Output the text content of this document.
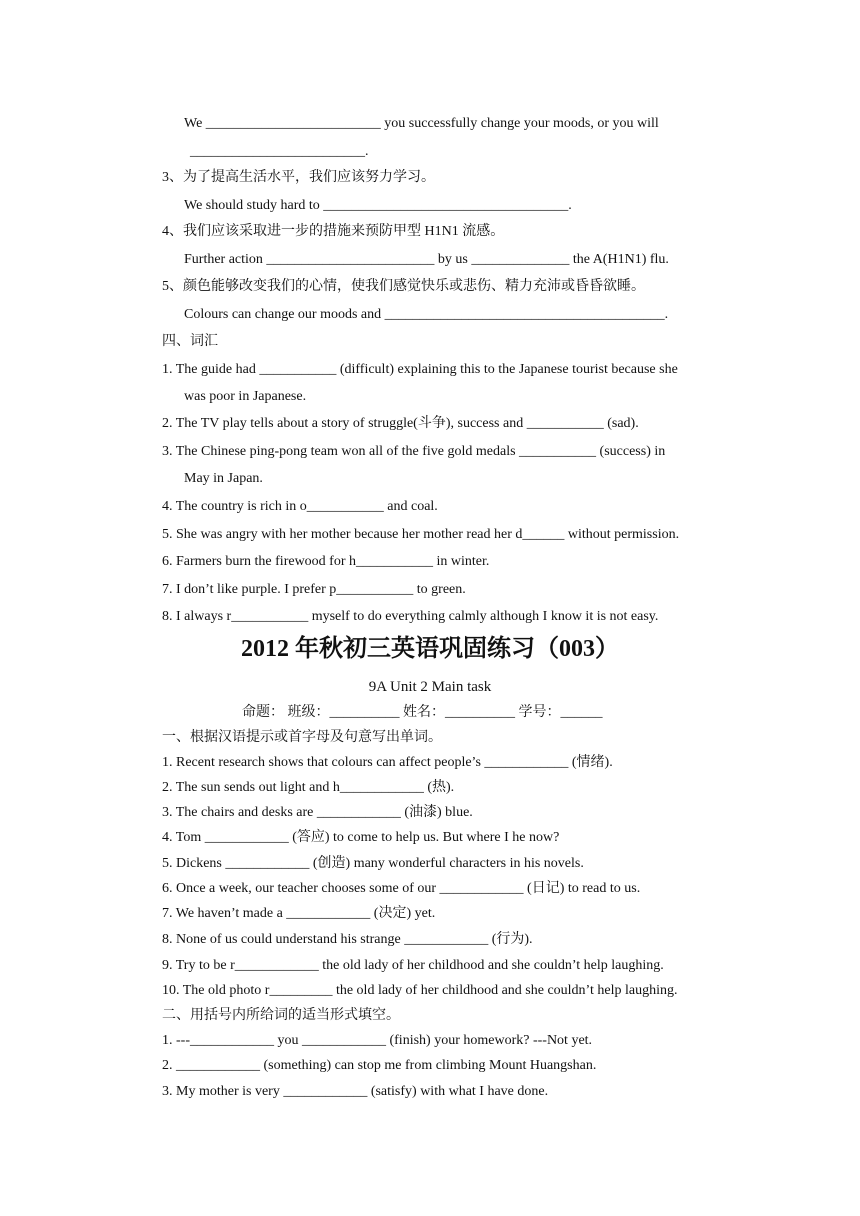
We _________________________ you successfully change your moods, or you will
_________________________.
3、为了提高生活水平，我们应该努力学习。
We should study hard to ___________________________________.
4、我们应该采取进一步的措施来预防甲型 H1N1 流感。
Further action ________________________ by us ______________ the A(H1N1) flu.
5、颜色能够改变我们的心情，使我们感觉快乐或悲伤、精力充沛或昏昏欲睡。
Colours can change our moods and ________________________________________.
四、词汇
1. The guide had ___________ (difficult) explaining this to the Japanese tourist because she
was poor in Japanese.
2. The TV play tells about a story of struggle(斗争), success and ___________ (sad).
3. The Chinese ping-pong team won all of the five gold medals ___________ (success) in
May in Japan.
4. The country is rich in o___________ and coal.
5. She was angry with her mother because her mother read her d______ without permission.
6. Farmers burn the firewood for h___________ in winter.
7. I don’t like purple. I prefer p___________ to green.
8. I always r___________ myself to do everything calmly although I know it is not easy.
2012 年秋初三英语巩固练习（003）
9A Unit 2 Main task
命题： 班级：__________ 姓名：__________ 学号：______
一、根据汉语提示或首字母及句意写出单词。
1. Recent research shows that colours can affect people’s ____________ (情绪).
2. The sun sends out light and h____________ (热).
3. The chairs and desks are ____________ (油漆) blue.
4. Tom ____________ (答应) to come to help us. But where I he now?
5. Dickens ____________ (创造) many wonderful characters in his novels.
6. Once a week, our teacher chooses some of our ____________ (日记) to read to us.
7. We haven’t made a ____________ (决定) yet.
8. None of us could understand his strange ____________ (行为).
9. Try to be r____________ the old lady of her childhood and she couldn’t help laughing.
10. The old photo r_________ the old lady of her childhood and she couldn’t help laughing.
二、用括号内所给词的适当形式填空。
1. ---____________ you ____________ (finish) your homework? ---Not yet.
2. ____________ (something) can stop me from climbing Mount Huangshan.
3. My mother is very ____________ (satisfy) with what I have done.
